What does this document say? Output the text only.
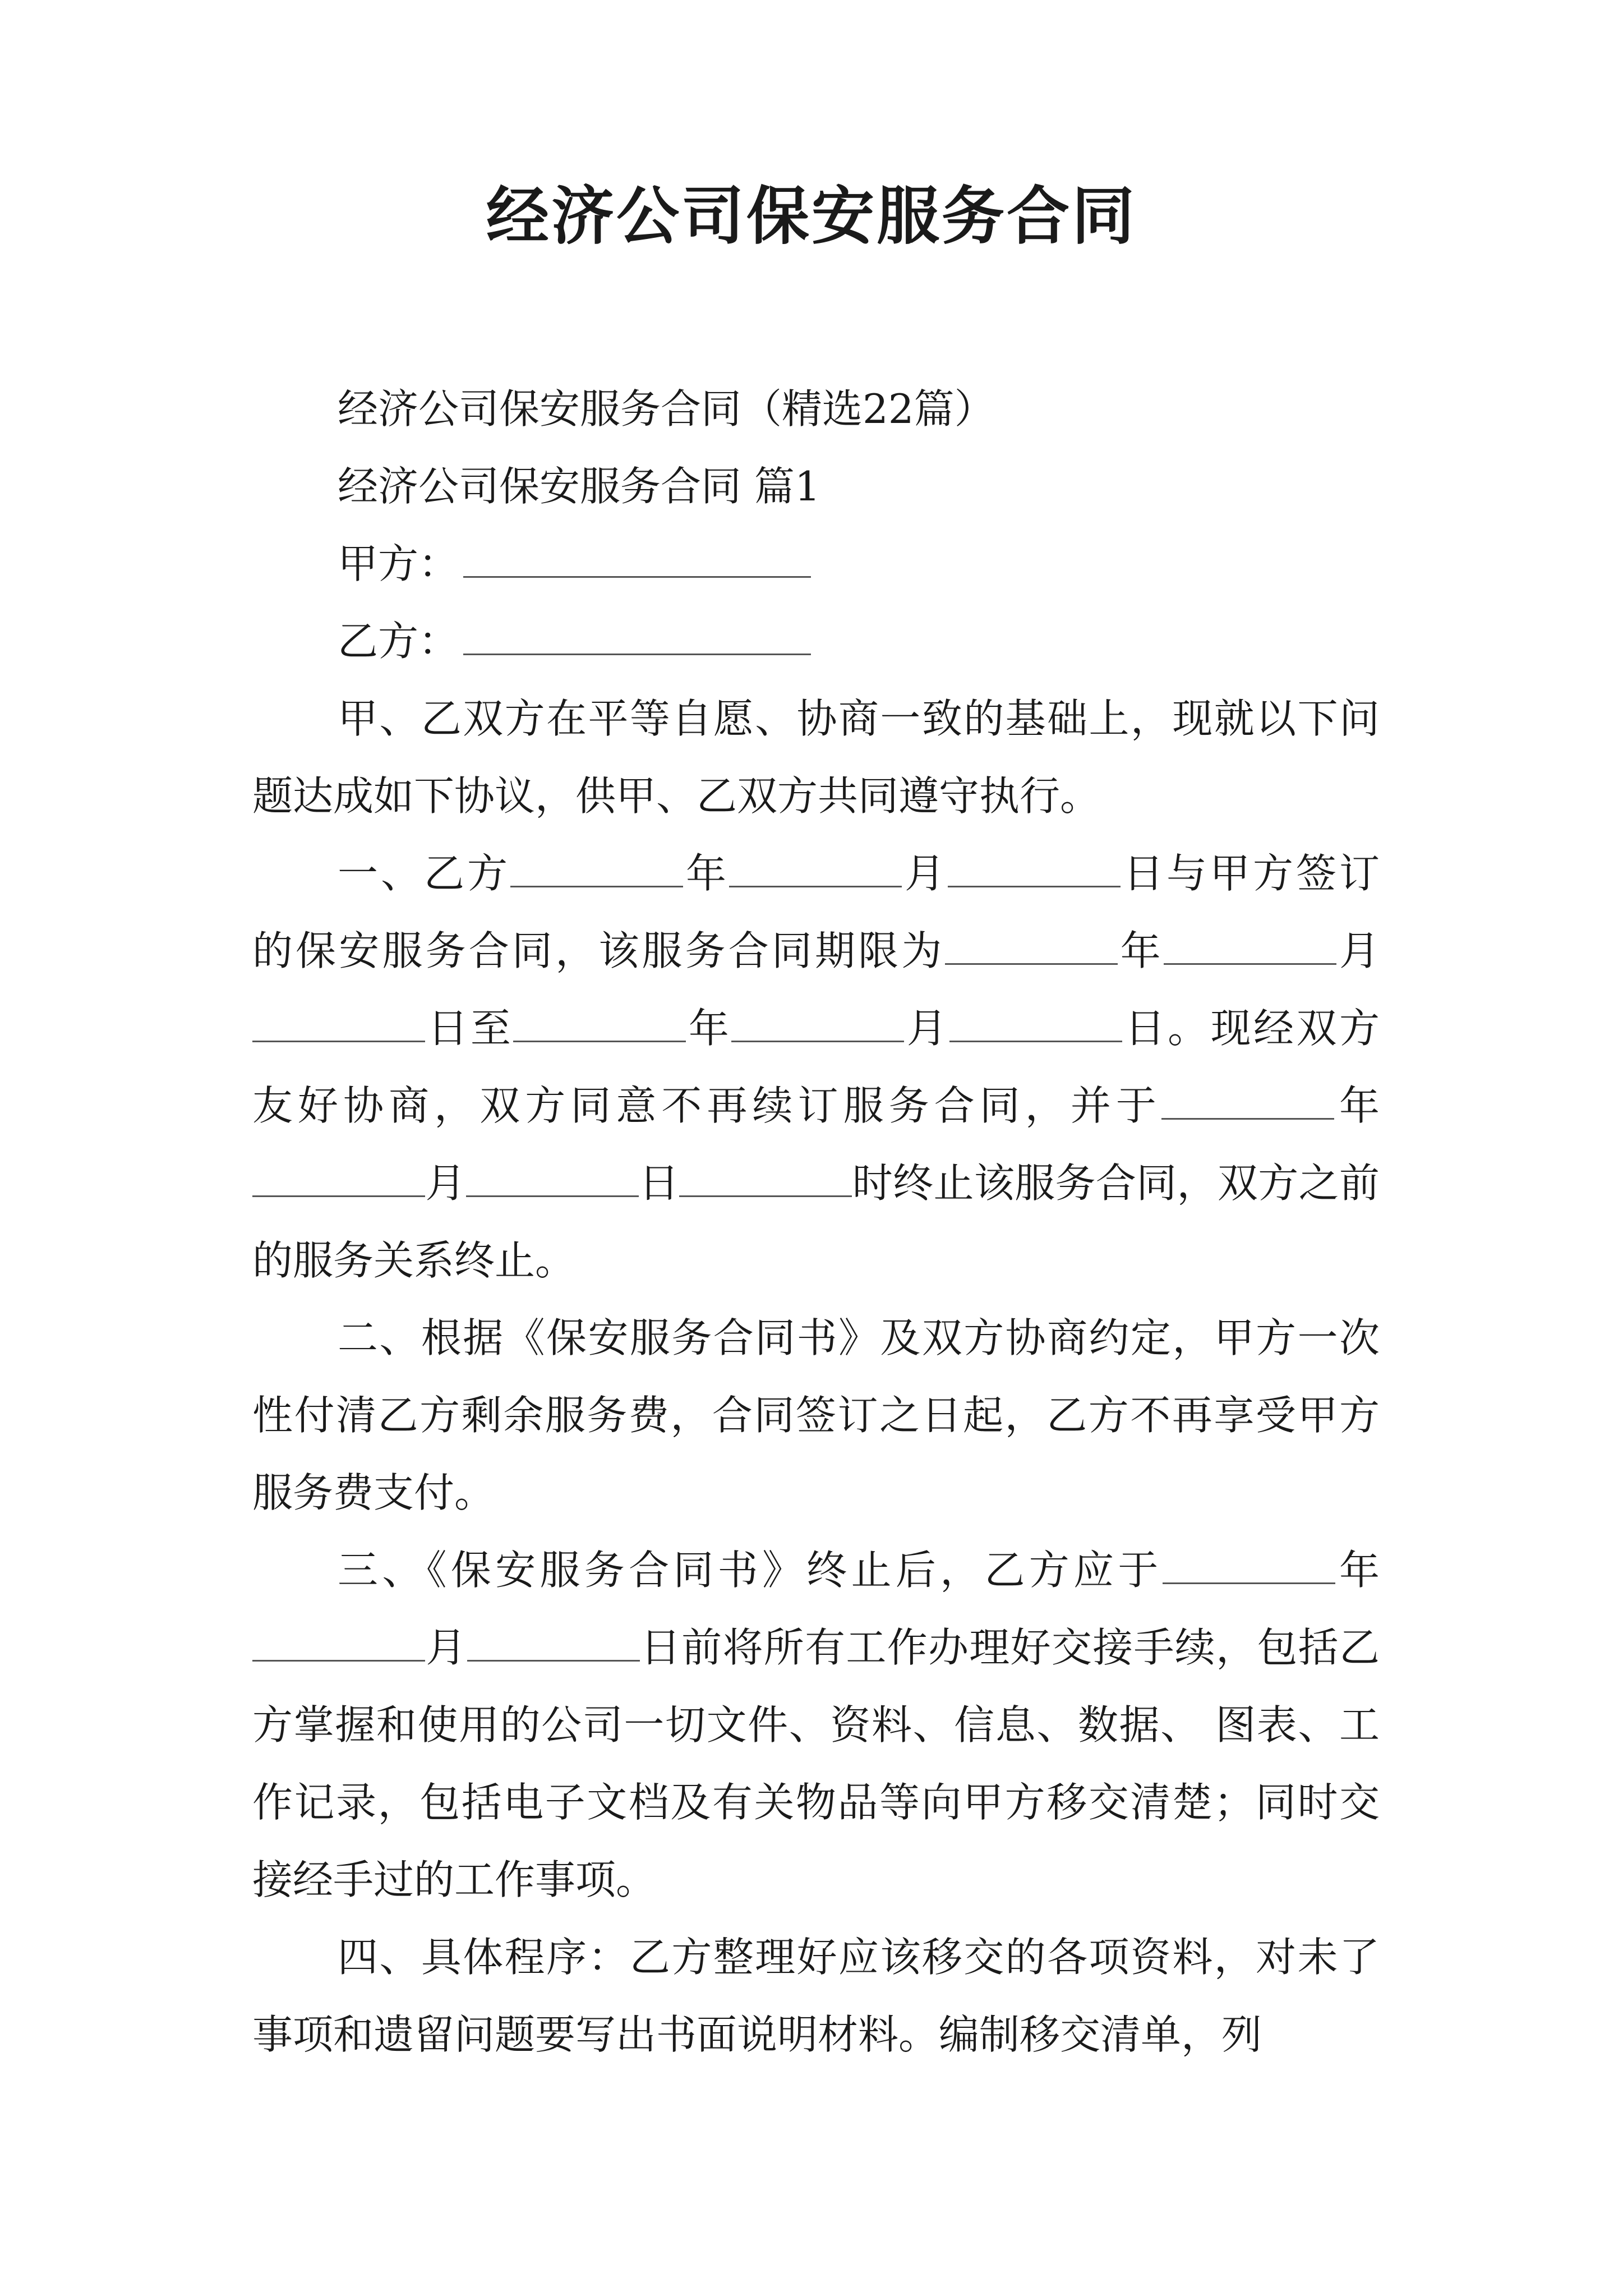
经济公司保安服务合同

经济公司保安服务合同（精选22篇）

经济公司保安服务合同 篇1

甲方：

乙方：

甲、乙双方在平等自愿、协商一致的基础上，现就以下问题达成如下协议，供甲、乙双方共同遵守执行。

一、乙方	年	月	日与甲方签订的保安服务合同，该服务合同期限为	年	月日至	年	月	日。现经双方友好协商，双方同意不再续订服务合同，并于	年月	日	时终止该服务合同，双方之前的服务关系终止。

二、根据《保安服务合同书》及双方协商约定，甲方一次性付清乙方剩余服务费，合同签订之日起，乙方不再享受甲方服务费支付。

三、《保安服务合同书》终止后，乙方应于	年月	日前将所有工作办理好交接手续，包括乙方掌握和使用的公司一切文件、资料、信息、数据、 图表、工作记录，包括电子文档及有关物品等向甲方移交清楚；同时交接经手过的工作事项。

四、具体程序：乙方整理好应该移交的各项资料，对未了事项和遗留问题要写出书面说明材料。编制移交清单，列
